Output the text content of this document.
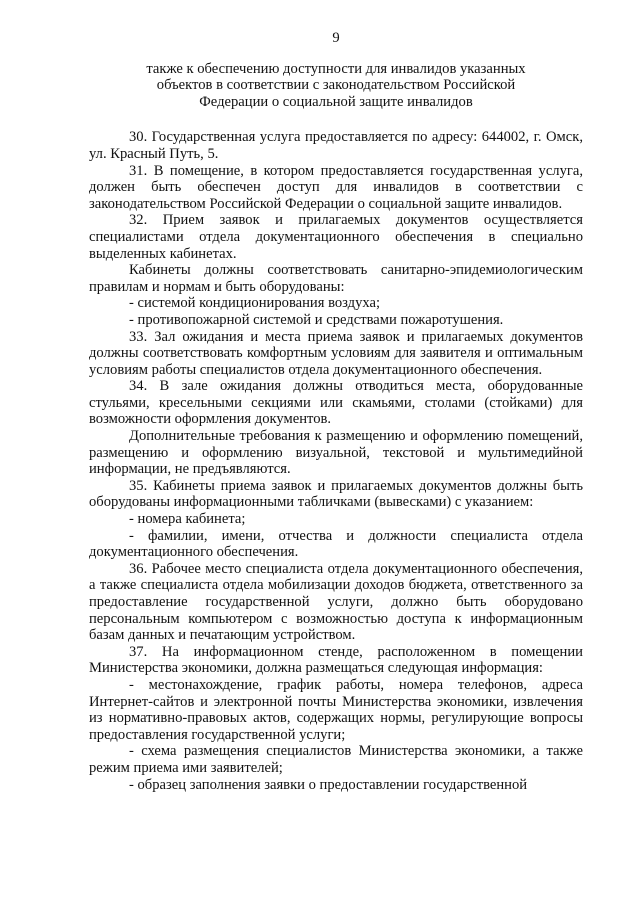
9
также к обеспечению доступности для инвалидов указанных
объектов в соответствии с законодательством Российской
Федерации о социальной защите инвалидов

30. Государственная услуга предоставляется по адресу: 644002, г. Омск, ул. Красный Путь, 5.

31. В помещение, в котором предоставляется государственная услуга, должен быть обеспечен доступ для инвалидов в соответствии с законодательством Российской Федерации о социальной защите инвалидов.

32. Прием заявок и прилагаемых документов осуществляется специалистами отдела документационного обеспечения в специально выделенных кабинетах.

Кабинеты должны соответствовать санитарно-эпидемиологическим правилам и нормам и быть оборудованы:

- системой кондиционирования воздуха;

- противопожарной системой и средствами пожаротушения.

33. Зал ожидания и места приема заявок и прилагаемых документов должны соответствовать комфортным условиям для заявителя и оптимальным условиям работы специалистов отдела документационного обеспечения.

34. В зале ожидания должны отводиться места, оборудованные стульями, кресельными секциями или скамьями, столами (стойками) для возможности оформления документов.

Дополнительные требования к размещению и оформлению помещений, размещению и оформлению визуальной, текстовой и мультимедийной информации, не предъявляются.

35. Кабинеты приема заявок и прилагаемых документов должны быть оборудованы информационными табличками (вывесками) с указанием:

- номера кабинета;

- фамилии, имени, отчества и должности специалиста отдела документационного обеспечения.

36. Рабочее место специалиста отдела документационного обеспечения, а также специалиста отдела мобилизации доходов бюджета, ответственного за предоставление государственной услуги, должно быть оборудовано персональным компьютером с возможностью доступа к информационным базам данных и печатающим устройством.

37. На информационном стенде, расположенном в помещении Министерства экономики, должна размещаться следующая информация:

- местонахождение, график работы, номера телефонов, адреса Интернет-сайтов и электронной почты Министерства экономики, извлечения из нормативно-правовых актов, содержащих нормы, регулирующие вопросы предоставления государственной услуги;

- схема размещения специалистов Министерства экономики, а также режим приема ими заявителей;

- образец заполнения заявки о предоставлении государственной
